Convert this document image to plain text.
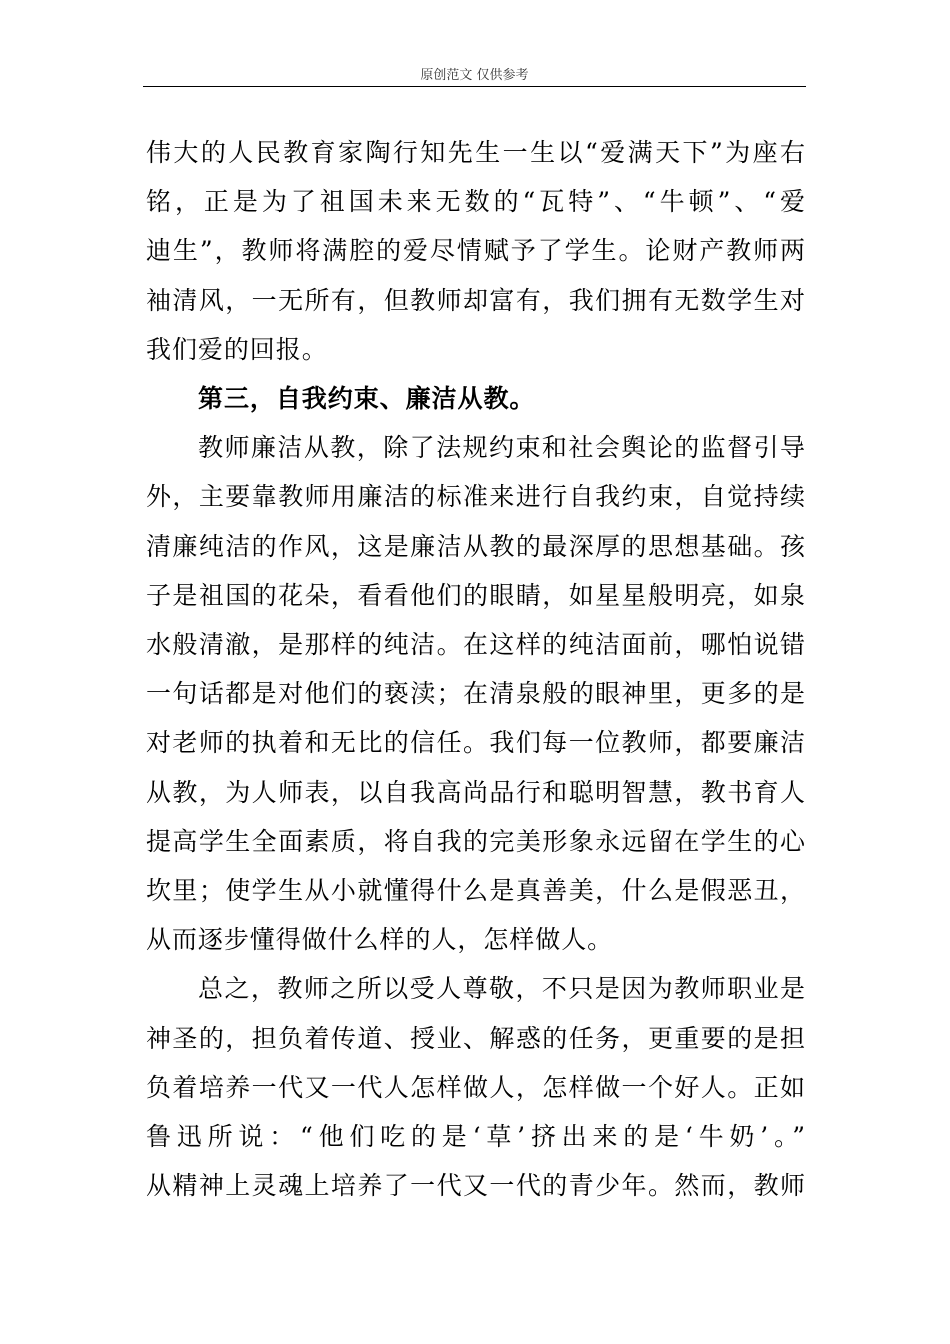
原创范文 仅供参考

伟大的人民教育家陶行知先生一生以“爱满天下”为座右

铭，正是为了祖国未来无数的“瓦特”、“牛顿”、“爱

迪生”，教师将满腔的爱尽情赋予了学生。论财产教师两

袖清风，一无所有，但教师却富有，我们拥有无数学生对

我们爱的回报。

第三，自我约束、廉洁从教。

教师廉洁从教，除了法规约束和社会舆论的监督引导

外，主要靠教师用廉洁的标准来进行自我约束，自觉持续

清廉纯洁的作风，这是廉洁从教的最深厚的思想基础。孩

子是祖国的花朵，看看他们的眼睛，如星星般明亮，如泉

水般清澈，是那样的纯洁。在这样的纯洁面前，哪怕说错

一句话都是对他们的亵渎；在清泉般的眼神里，更多的是

对老师的执着和无比的信任。我们每一位教师，都要廉洁

从教，为人师表，以自我高尚品行和聪明智慧，教书育人

提高学生全面素质，将自我的完美形象永远留在学生的心

坎里；使学生从小就懂得什么是真善美，什么是假恶丑，

从而逐步懂得做什么样的人，怎样做人。

总之，教师之所以受人尊敬，不只是因为教师职业是

神圣的，担负着传道、授业、解惑的任务，更重要的是担

负着培养一代又一代人怎样做人，怎样做一个好人。正如

鲁迅所说：“他们吃的是‘草’挤出来的是‘牛奶’。”

从精神上灵魂上培养了一代又一代的青少年。然而，教师
